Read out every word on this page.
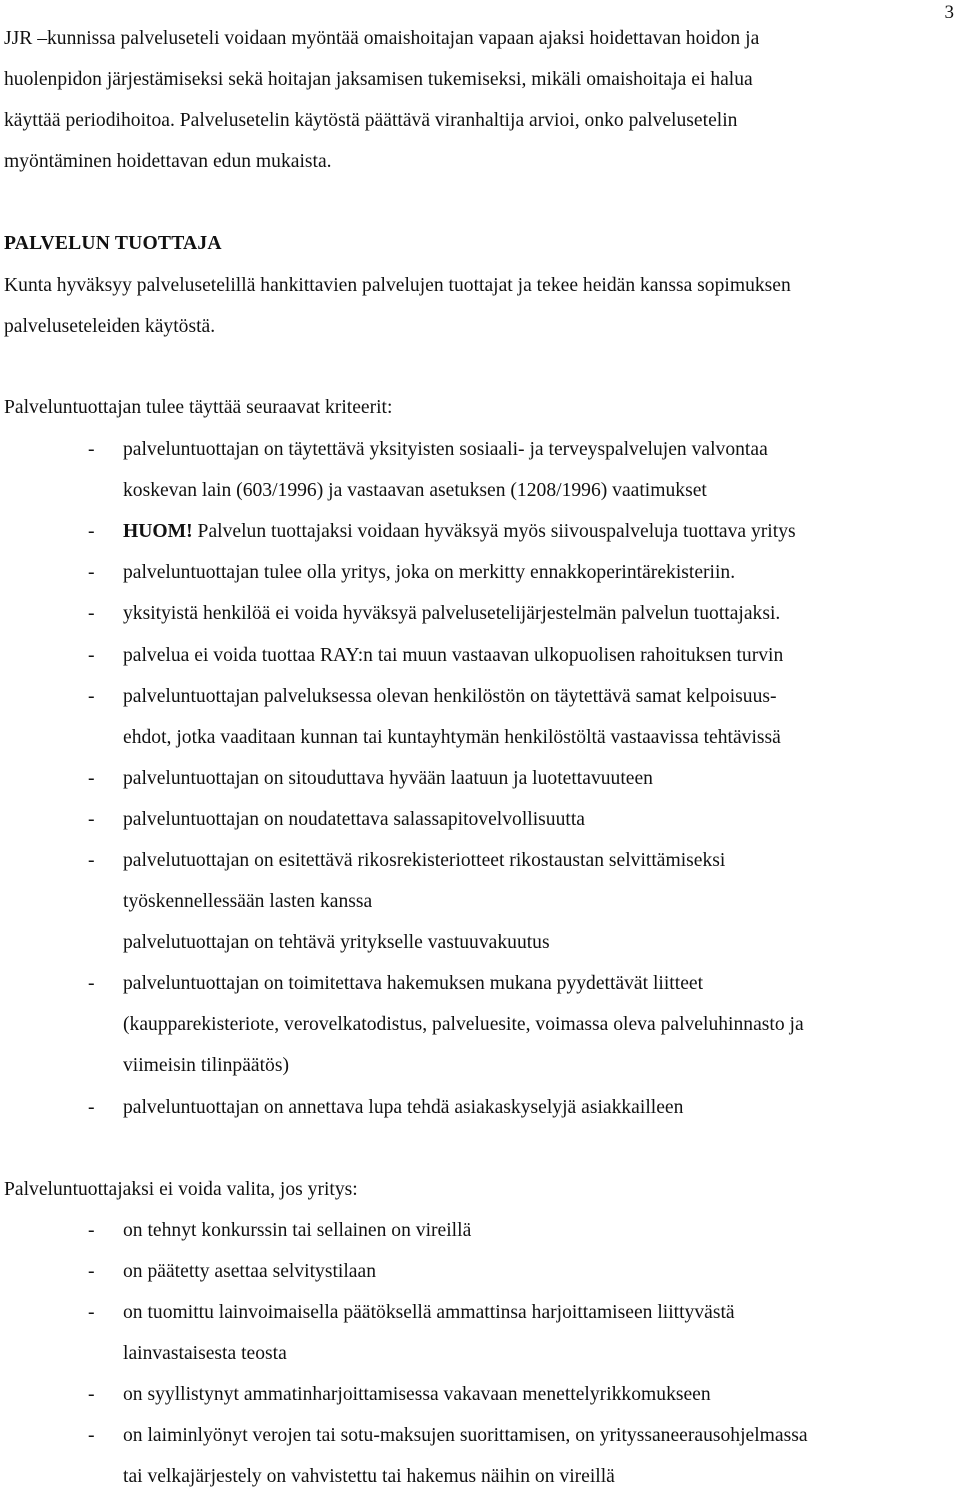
3
JJR –kunnissa palveluseteli voidaan myöntää omaishoitajan vapaan ajaksi hoidettavan hoidon ja
huolenpidon järjestämiseksi sekä hoitajan jaksamisen tukemiseksi, mikäli omaishoitaja ei halua
käyttää periodihoitoa. Palvelusetelin käytöstä päättävä viranhaltija arvioi, onko palvelusetelin
myöntäminen hoidettavan edun mukaista.
PALVELUN TUOTTAJA
Kunta hyväksyy palvelusetelillä hankittavien palvelujen tuottajat ja tekee heidän kanssa sopimuksen
palveluseteleiden käytöstä.
Palveluntuottajan tulee täyttää seuraavat kriteerit:
- palveluntuottajan on täytettävä yksityisten sosiaali- ja terveyspalvelujen valvontaa
koskevan lain (603/1996) ja vastaavan asetuksen (1208/1996) vaatimukset
- HUOM! Palvelun tuottajaksi voidaan hyväksyä myös siivouspalveluja tuottava yritys
- palveluntuottajan tulee olla yritys, joka on merkitty ennakkoperintärekisteriin.
- yksityistä henkilöä ei voida hyväksyä palvelusetelijärjestelmän palvelun tuottajaksi.
- palvelua ei voida tuottaa RAY:n tai muun vastaavan ulkopuolisen rahoituksen turvin
- palveluntuottajan palveluksessa olevan henkilöstön on täytettävä samat kelpoisuus-
ehdot, jotka vaaditaan kunnan tai kuntayhtymän henkilöstöltä vastaavissa tehtävissä
- palveluntuottajan on sitouduttava hyvään laatuun ja luotettavuuteen
- palveluntuottajan on noudatettava salassapitovelvollisuutta
- palvelutuottajan on esitettävä rikosrekisteriotteet rikostaustan selvittämiseksi
työskennellessään lasten kanssa
palvelutuottajan on tehtävä yritykselle vastuuvakuutus
- palveluntuottajan on toimitettava hakemuksen mukana pyydettävät liitteet
(kaupparekisteriote, verovelkatodistus, palveluesite, voimassa oleva palveluhinnasto ja
viimeisin tilinpäätös)
- palveluntuottajan on annettava lupa tehdä asiakaskyselyjä asiakkailleen
Palveluntuottajaksi ei voida valita, jos yritys:
- on tehnyt konkurssin tai sellainen on vireillä
- on päätetty asettaa selvitystilaan
- on tuomittu lainvoimaisella päätöksellä ammattinsa harjoittamiseen liittyvästä
lainvastaisesta teosta
- on syyllistynyt ammatinharjoittamisessa vakavaan menettelyrikkomukseen
- on laiminlyönyt verojen tai sotu-maksujen suorittamisen, on yrityssaneerausohjelmassa
tai velkajärjestely on vahvistettu tai hakemus näihin on vireillä
